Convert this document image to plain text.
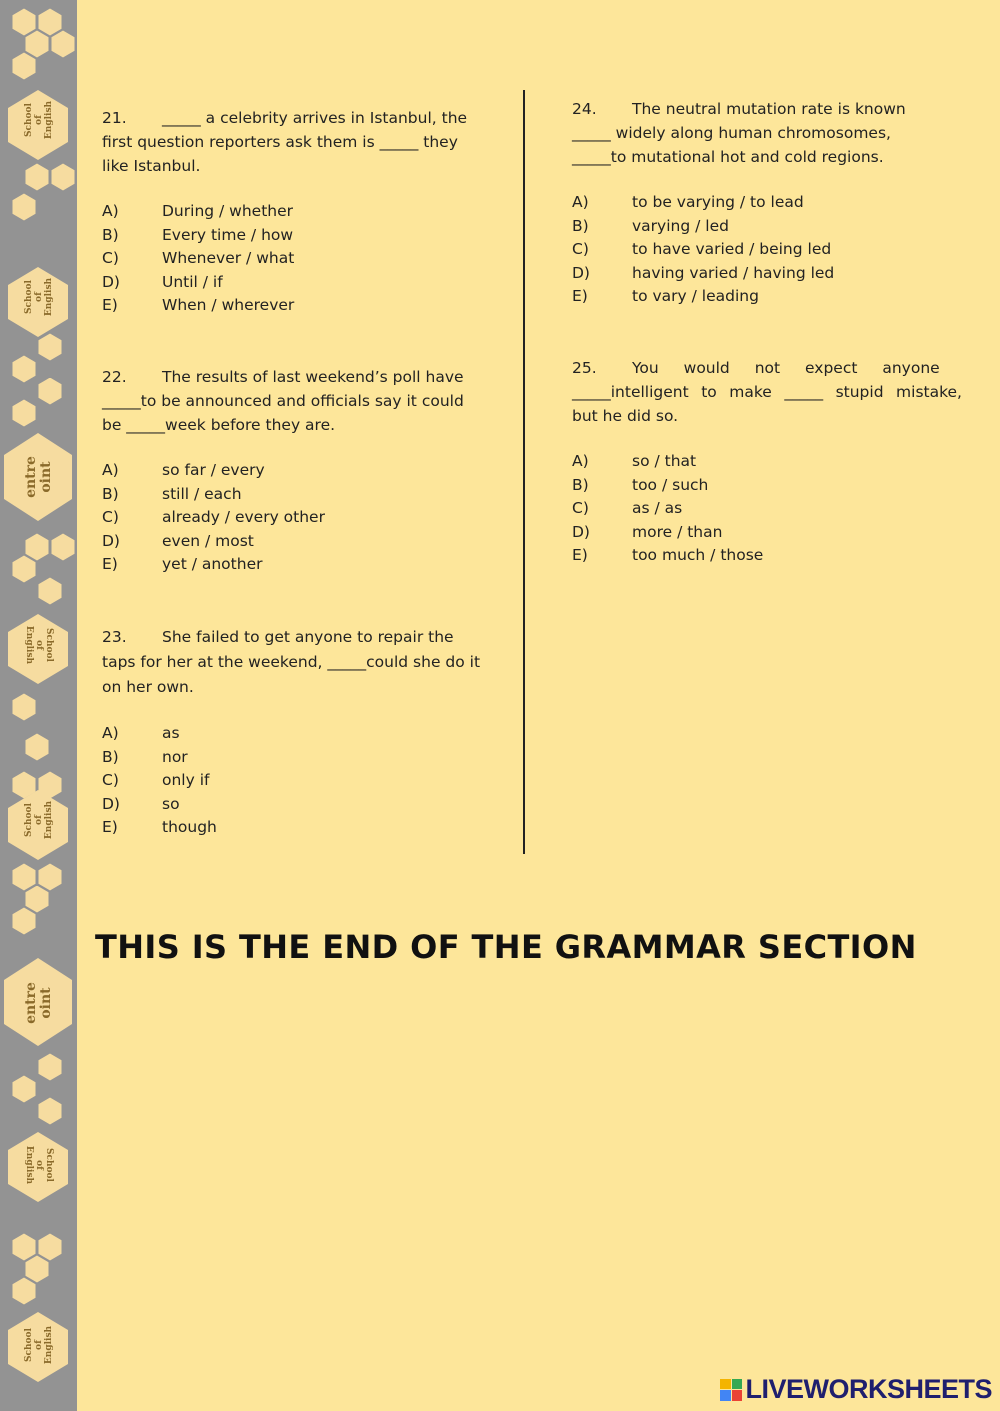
School
of
English
School
of
English
entre
oint
School
of
English
School
of
English
entre
oint
School
of
English
School
of
English
21. _____ a celebrity arrives in Istanbul, the
first question reporters ask them is _____ they
like Istanbul.
A)	During / whether
B)	Every time / how
C)	Whenever / what
D)	Until / if
E)	When / wherever
22. The results of last weekend’s poll have
_____to be announced and officials say it could
be _____week before they are.
A)	so far / every
B)	still / each
C)	already / every other
D)	even / most
E)	yet / another
23. She failed to get anyone to repair the
taps for her at the weekend, _____could she do it
on her own.
A)	as
B)	nor
C)	only if
D)	so
E)	though
24. The neutral mutation rate is known
_____ widely along human chromosomes,
_____to mutational hot and cold regions.
A)	to be varying / to lead
B)	varying / led
C)	to have varied / being led
D)	having varied / having led
E)	to vary / leading
25.	You would not expect anyone
_____intelligent to make _____ stupid mistake,
but he did so.
A)	so / that
B)	too / such
C)	as / as
D)	more / than
E)	too much / those
THIS IS THE END OF THE GRAMMAR SECTION
LIVEWORKSHEETS
